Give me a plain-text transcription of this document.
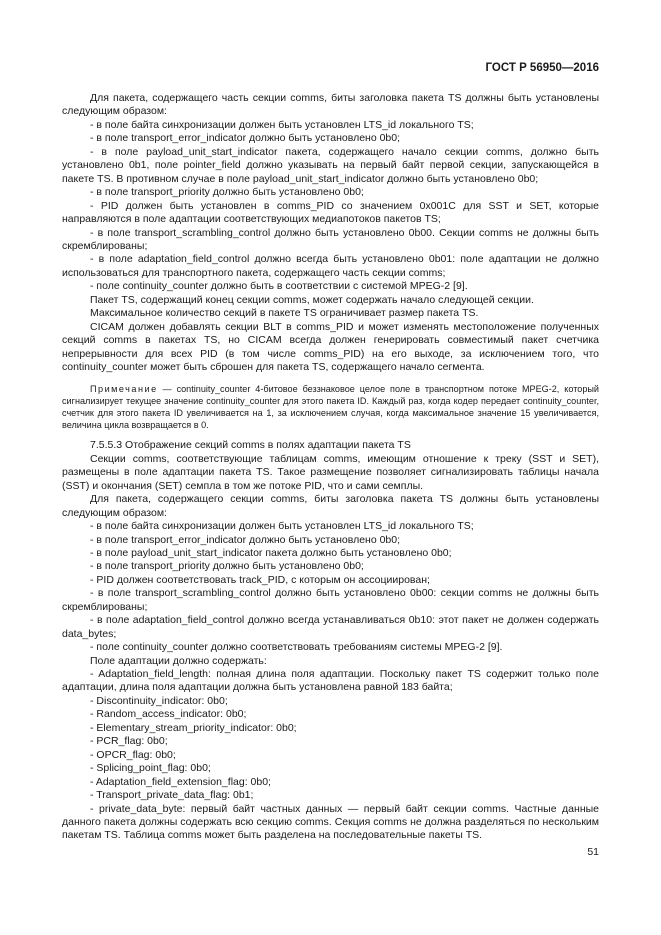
ГОСТ Р 56950—2016

Для пакета, содержащего часть секции comms, биты заголовка пакета TS должны быть установлены следующим образом:

- в поле байта синхронизации должен быть установлен LTS_id локального TS;

- в поле transport_error_indicator должно быть установлено 0b0;

- в поле payload_unit_start_indicator пакета, содержащего начало секции comms, должно быть установлено 0b1, поле pointer_field должно указывать на первый байт первой секции, запускающейся в пакете TS. В противном случае в поле payload_unit_start_indicator должно быть установлено 0b0;

- в поле transport_priority должно быть установлено 0b0;

- PID должен быть установлен в comms_PID со значением 0x001C для SST и SET, которые направляются в поле адаптации соответствующих медиапотоков пакетов TS;

- в поле transport_scrambling_control должно быть установлено 0b00. Секции comms не должны быть скремблированы;

- в поле adaptation_field_control должно всегда быть установлено 0b01: поле адаптации не должно использоваться для транспортного пакета, содержащего часть секции comms;

- поле continuity_counter должно быть в соответствии с системой MPEG-2 [9].

Пакет TS, содержащий конец секции comms, может содержать начало следующей секции.

Максимальное количество секций в пакете TS ограничивает размер пакета TS.

CICAM должен добавлять секции BLT в comms_PID и может изменять местоположение полученных секций comms в пакетах TS, но CICAM всегда должен генерировать совместимый пакет счетчика непрерывности для всех PID (в том числе comms_PID) на его выходе, за исключением того, что continuity_counter может быть сброшен для пакета TS, содержащего начало сегмента.

Примечание — continuity_counter 4-битовое беззнаковое целое поле в транспортном потоке MPEG-2, который сигнализирует текущее значение continuity_counter для этого пакета ID. Каждый раз, когда кодер передает continuity_counter, счетчик для этого пакета ID увеличивается на 1, за исключением случая, когда максимальное значение 15 увеличивается, величина цикла возвращается в 0.

7.5.5.3 Отображение секций comms в полях адаптации пакета TS

Секции comms, соответствующие таблицам comms, имеющим отношение к треку (SST и SET), размещены в поле адаптации пакета TS. Такое размещение позволяет сигнализировать таблицы начала (SST) и окончания (SET) семпла в том же потоке PID, что и сами семплы.

Для пакета, содержащего секции comms, биты заголовка пакета TS должны быть установлены следующим образом:

- в поле байта синхронизации должен быть установлен LTS_id локального TS;

- в поле transport_error_indicator должно быть установлено 0b0;

- в поле payload_unit_start_indicator пакета должно быть установлено 0b0;

- в поле transport_priority должно быть установлено 0b0;

- PID должен соответствовать track_PID, с которым он ассоциирован;

- в поле transport_scrambling_control должно быть установлено 0b00: секции comms не должны быть скремблированы;

- в поле adaptation_field_control должно всегда устанавливаться 0b10: этот пакет не должен содержать data_bytes;

- поле continuity_counter должно соответствовать требованиям системы MPEG-2 [9].

Поле адаптации должно содержать:

- Adaptation_field_length: полная длина поля адаптации. Поскольку пакет TS содержит только поле адаптации, длина поля адаптации должна быть установлена равной 183 байта;

- Discontinuity_indicator: 0b0;

- Random_access_indicator: 0b0;

- Elementary_stream_priority_indicator: 0b0;

- PCR_flag: 0b0;

- OPCR_flag: 0b0;

- Splicing_point_flag: 0b0;

- Adaptation_field_extension_flag: 0b0;

- Transport_private_data_flag: 0b1;

- private_data_byte: первый байт частных данных — первый байт секции comms. Частные данные данного пакета должны содержать всю секцию comms. Секция comms не должна разделяться по нескольким пакетам TS. Таблица comms может быть разделена на последовательные пакеты TS.

51
